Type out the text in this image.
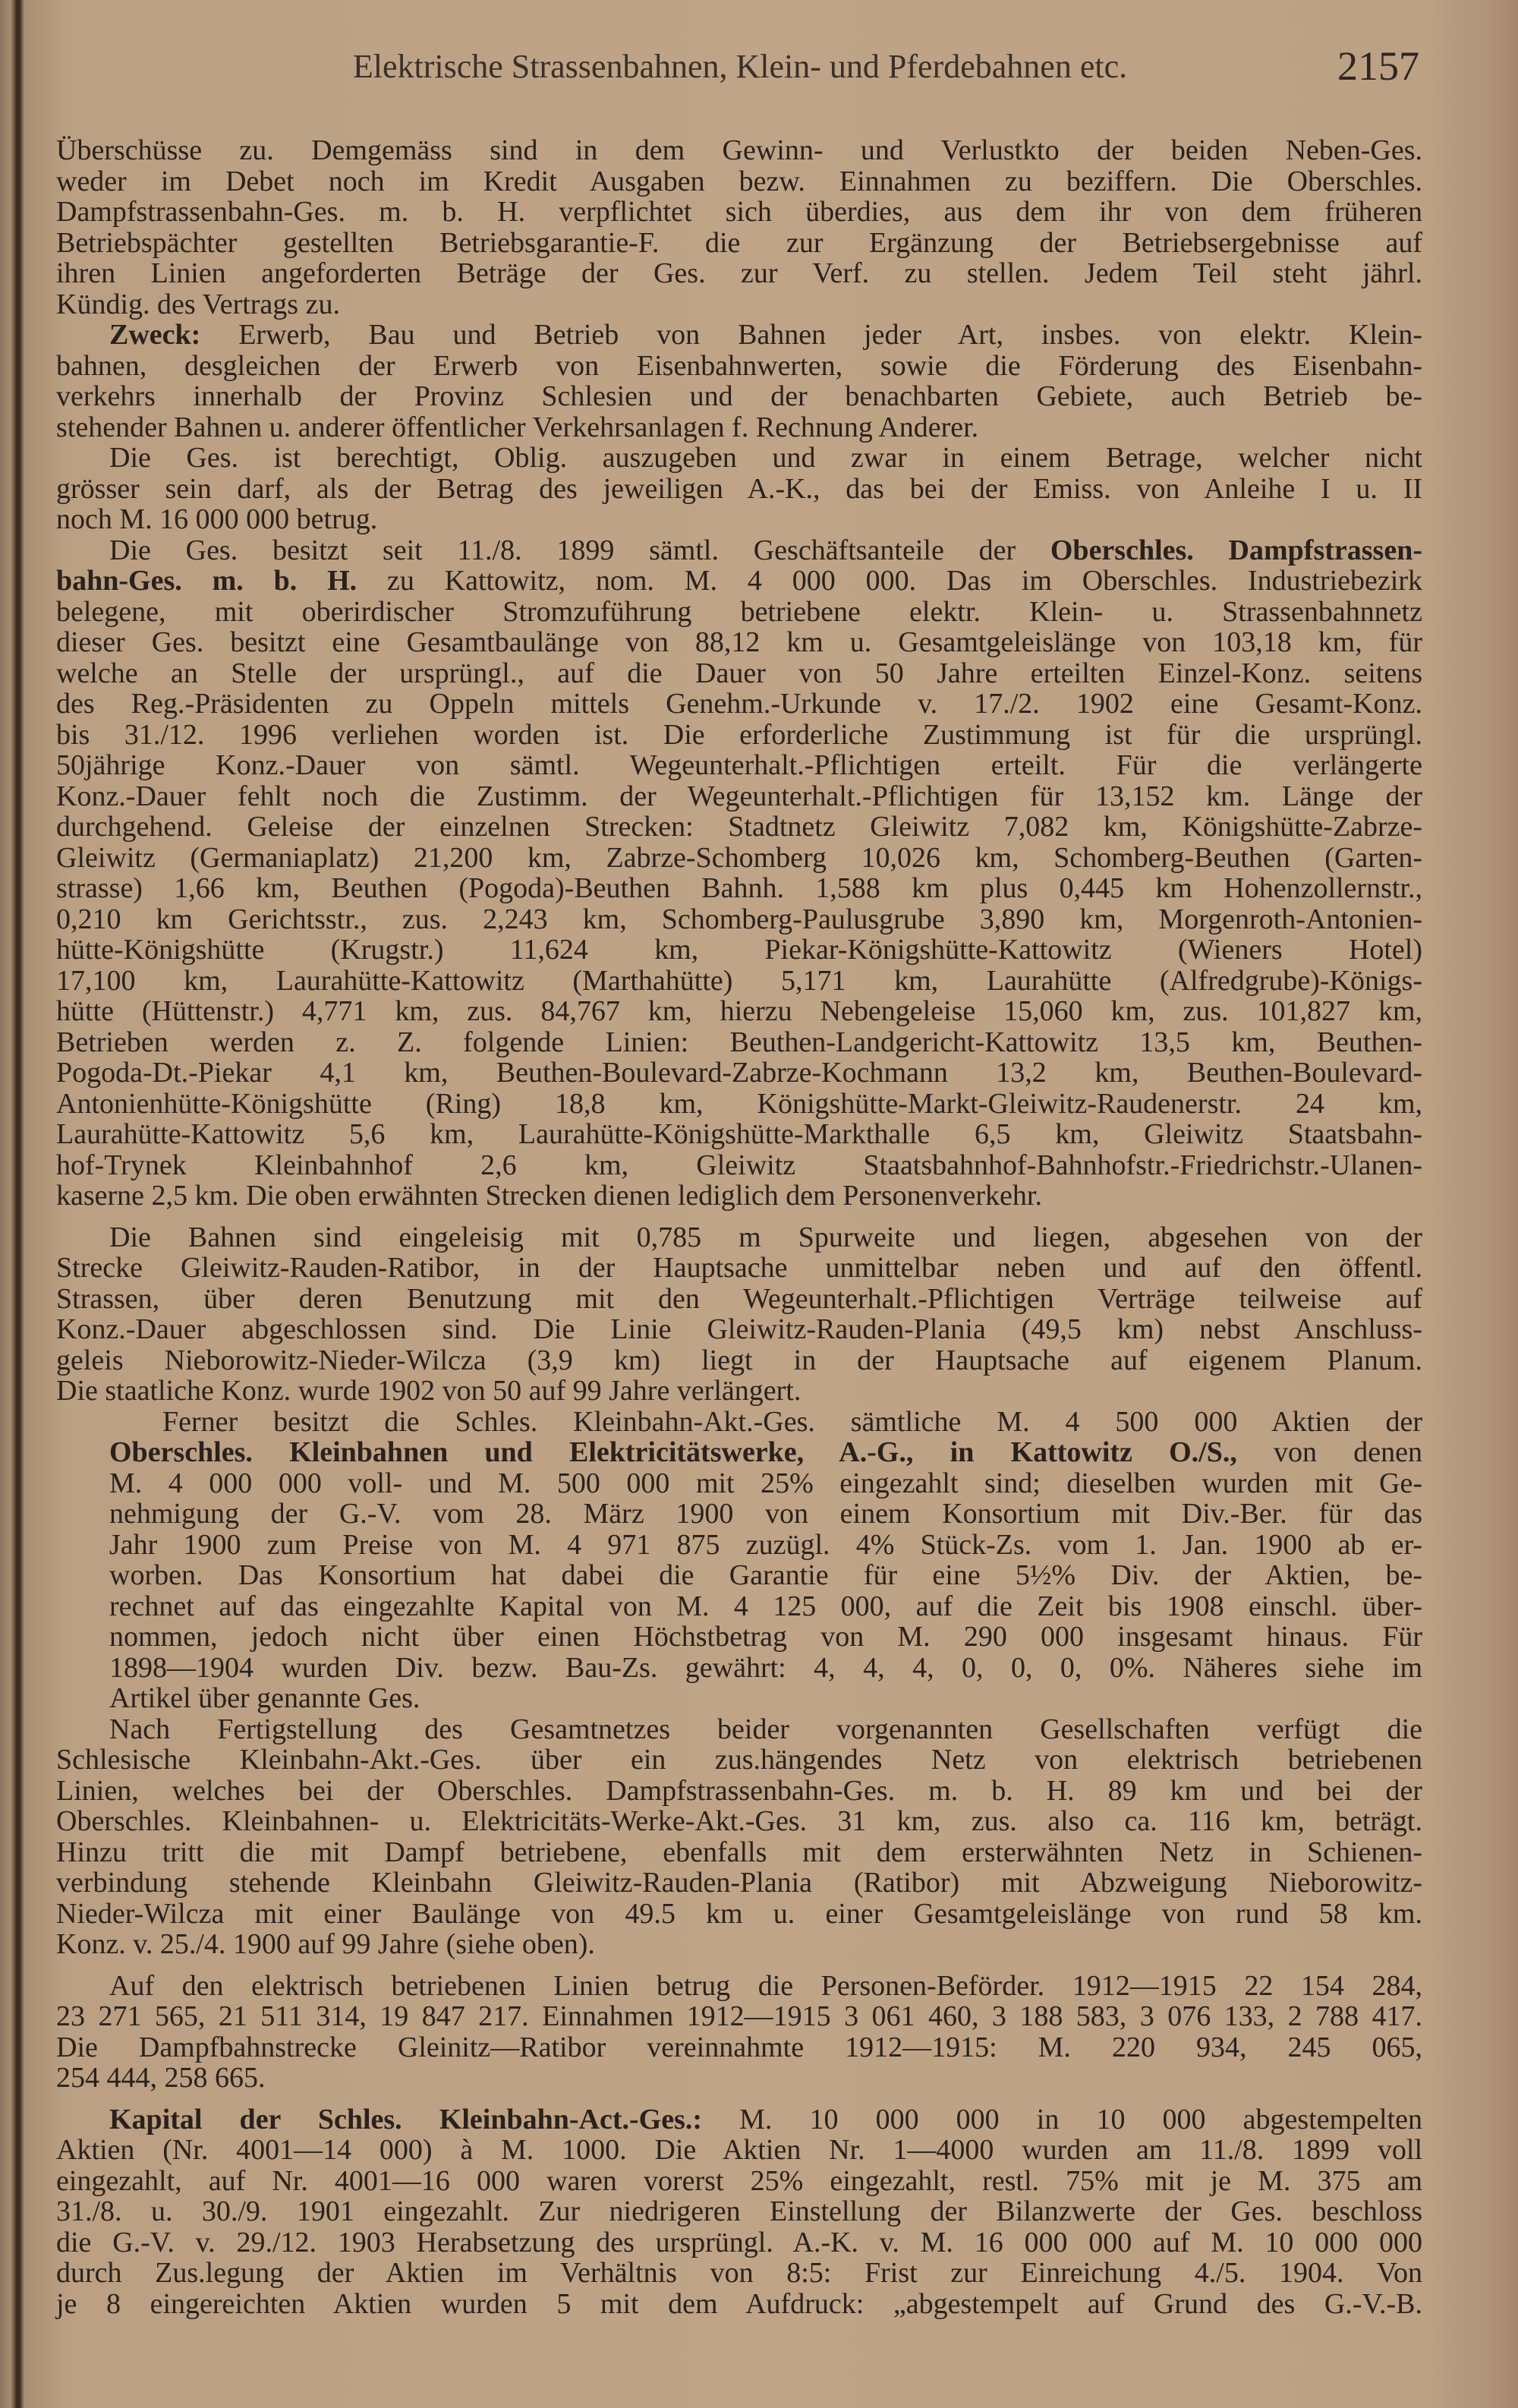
Elektrische Strassenbahnen, Klein- und Pferdebahnen etc.	2157
Überschüsse zu. Demgemäss sind in dem Gewinn- und Verlustkto der beiden Neben-Ges.
weder im Debet noch im Kredit Ausgaben bezw. Einnahmen zu beziffern. Die Oberschles.
Dampfstrassenbahn-Ges. m. b. H. verpflichtet sich überdies, aus dem ihr von dem früheren
Betriebspächter gestellten Betriebsgarantie-F. die zur Ergänzung der Betriebsergebnisse auf
ihren Linien angeforderten Beträge der Ges. zur Verf. zu stellen. Jedem Teil steht jährl.
Kündig. des Vertrags zu.
Zweck: Erwerb, Bau und Betrieb von Bahnen jeder Art, insbes. von elektr. Klein-
bahnen, desgleichen der Erwerb von Eisenbahnwerten, sowie die Förderung des Eisenbahn-
verkehrs innerhalb der Provinz Schlesien und der benachbarten Gebiete, auch Betrieb be-
stehender Bahnen u. anderer öffentlicher Verkehrsanlagen f. Rechnung Anderer.
Die Ges. ist berechtigt, Oblig. auszugeben und zwar in einem Betrage, welcher nicht
grösser sein darf, als der Betrag des jeweiligen A.-K., das bei der Emiss. von Anleihe I u. II
noch M. 16 000 000 betrug.
Die Ges. besitzt seit 11./8. 1899 sämtl. Geschäftsanteile der Oberschles. Dampfstrassen-
bahn-Ges. m. b. H. zu Kattowitz, nom. M. 4 000 000. Das im Oberschles. Industriebezirk
belegene, mit oberirdischer Stromzuführung betriebene elektr. Klein- u. Strassenbahnnetz
dieser Ges. besitzt eine Gesamtbaulänge von 88,12 km u. Gesamtgeleislänge von 103,18 km, für
welche an Stelle der ursprüngl., auf die Dauer von 50 Jahre erteilten Einzel-Konz. seitens
des Reg.-Präsidenten zu Oppeln mittels Genehm.-Urkunde v. 17./2. 1902 eine Gesamt-Konz.
bis 31./12. 1996 verliehen worden ist. Die erforderliche Zustimmung ist für die ursprüngl.
50jährige Konz.-Dauer von sämtl. Wegeunterhalt.-Pflichtigen erteilt. Für die verlängerte
Konz.-Dauer fehlt noch die Zustimm. der Wegeunterhalt.-Pflichtigen für 13,152 km. Länge der
durchgehend. Geleise der einzelnen Strecken: Stadtnetz Gleiwitz 7,082 km, Königshütte-Zabrze-
Gleiwitz (Germaniaplatz) 21,200 km, Zabrze-Schomberg 10,026 km, Schomberg-Beuthen (Garten-
strasse) 1,66 km, Beuthen (Pogoda)-Beuthen Bahnh. 1,588 km plus 0,445 km Hohenzollernstr.,
0,210 km Gerichtsstr., zus. 2,243 km, Schomberg-Paulusgrube 3,890 km, Morgenroth-Antonien-
hütte-Königshütte (Krugstr.) 11,624 km, Piekar-Königshütte-Kattowitz (Wieners Hotel)
17,100 km, Laurahütte-Kattowitz (Marthahütte) 5,171 km, Laurahütte (Alfredgrube)-Königs-
hütte (Hüttenstr.) 4,771 km, zus. 84,767 km, hierzu Nebengeleise 15,060 km, zus. 101,827 km,
Betrieben werden z. Z. folgende Linien: Beuthen-Landgericht-Kattowitz 13,5 km, Beuthen-
Pogoda-Dt.-Piekar 4,1 km, Beuthen-Boulevard-Zabrze-Kochmann 13,2 km, Beuthen-Boulevard-
Antonienhütte-Königshütte (Ring) 18,8 km, Königshütte-Markt-Gleiwitz-Raudenerstr. 24 km,
Laurahütte-Kattowitz 5,6 km, Laurahütte-Königshütte-Markthalle 6,5 km, Gleiwitz Staatsbahn-
hof-Trynek Kleinbahnhof 2,6 km, Gleiwitz Staatsbahnhof-Bahnhofstr.-Friedrichstr.-Ulanen-
kaserne 2,5 km. Die oben erwähnten Strecken dienen lediglich dem Personenverkehr.
Die Bahnen sind eingeleisig mit 0,785 m Spurweite und liegen, abgesehen von der
Strecke Gleiwitz-Rauden-Ratibor, in der Hauptsache unmittelbar neben und auf den öffentl.
Strassen, über deren Benutzung mit den Wegeunterhalt.-Pflichtigen Verträge teilweise auf
Konz.-Dauer abgeschlossen sind. Die Linie Gleiwitz-Rauden-Plania (49,5 km) nebst Anschluss-
geleis Nieborowitz-Nieder-Wilcza (3,9 km) liegt in der Hauptsache auf eigenem Planum.
Die staatliche Konz. wurde 1902 von 50 auf 99 Jahre verlängert.
Ferner besitzt die Schles. Kleinbahn-Akt.-Ges. sämtliche M. 4 500 000 Aktien der
Oberschles. Kleinbahnen und Elektricitätswerke, A.-G., in Kattowitz O./S., von denen
M. 4 000 000 voll- und M. 500 000 mit 25% eingezahlt sind; dieselben wurden mit Ge-
nehmigung der G.-V. vom 28. März 1900 von einem Konsortium mit Div.-Ber. für das
Jahr 1900 zum Preise von M. 4 971 875 zuzügl. 4% Stück-Zs. vom 1. Jan. 1900 ab er-
worben. Das Konsortium hat dabei die Garantie für eine 5½% Div. der Aktien, be-
rechnet auf das eingezahlte Kapital von M. 4 125 000, auf die Zeit bis 1908 einschl. über-
nommen, jedoch nicht über einen Höchstbetrag von M. 290 000 insgesamt hinaus. Für
1898—1904 wurden Div. bezw. Bau-Zs. gewährt: 4, 4, 4, 0, 0, 0, 0%. Näheres siehe im
Artikel über genannte Ges.
Nach Fertigstellung des Gesamtnetzes beider vorgenannten Gesellschaften verfügt die
Schlesische Kleinbahn-Akt.-Ges. über ein zus.hängendes Netz von elektrisch betriebenen
Linien, welches bei der Oberschles. Dampfstrassenbahn-Ges. m. b. H. 89 km und bei der
Oberschles. Kleinbahnen- u. Elektricitäts-Werke-Akt.-Ges. 31 km, zus. also ca. 116 km, beträgt.
Hinzu tritt die mit Dampf betriebene, ebenfalls mit dem ersterwähnten Netz in Schienen-
verbindung stehende Kleinbahn Gleiwitz-Rauden-Plania (Ratibor) mit Abzweigung Nieborowitz-
Nieder-Wilcza mit einer Baulänge von 49.5 km u. einer Gesamtgeleislänge von rund 58 km.
Konz. v. 25./4. 1900 auf 99 Jahre (siehe oben).
Auf den elektrisch betriebenen Linien betrug die Personen-Beförder. 1912—1915 22 154 284,
23 271 565, 21 511 314, 19 847 217. Einnahmen 1912—1915 3 061 460, 3 188 583, 3 076 133, 2 788 417.
Die Dampfbahnstrecke Gleinitz—Ratibor vereinnahmte 1912—1915: M. 220 934, 245 065,
254 444, 258 665.
Kapital der Schles. Kleinbahn-Act.-Ges.: M. 10 000 000 in 10 000 abgestempelten
Aktien (Nr. 4001—14 000) à M. 1000. Die Aktien Nr. 1—4000 wurden am 11./8. 1899 voll
eingezahlt, auf Nr. 4001—16 000 waren vorerst 25% eingezahlt, restl. 75% mit je M. 375 am
31./8. u. 30./9. 1901 eingezahlt. Zur niedrigeren Einstellung der Bilanzwerte der Ges. beschloss
die G.-V. v. 29./12. 1903 Herabsetzung des ursprüngl. A.-K. v. M. 16 000 000 auf M. 10 000 000
durch Zus.legung der Aktien im Verhältnis von 8:5: Frist zur Einreichung 4./5. 1904. Von
je 8 eingereichten Aktien wurden 5 mit dem Aufdruck: „abgestempelt auf Grund des G.-V.-B.
